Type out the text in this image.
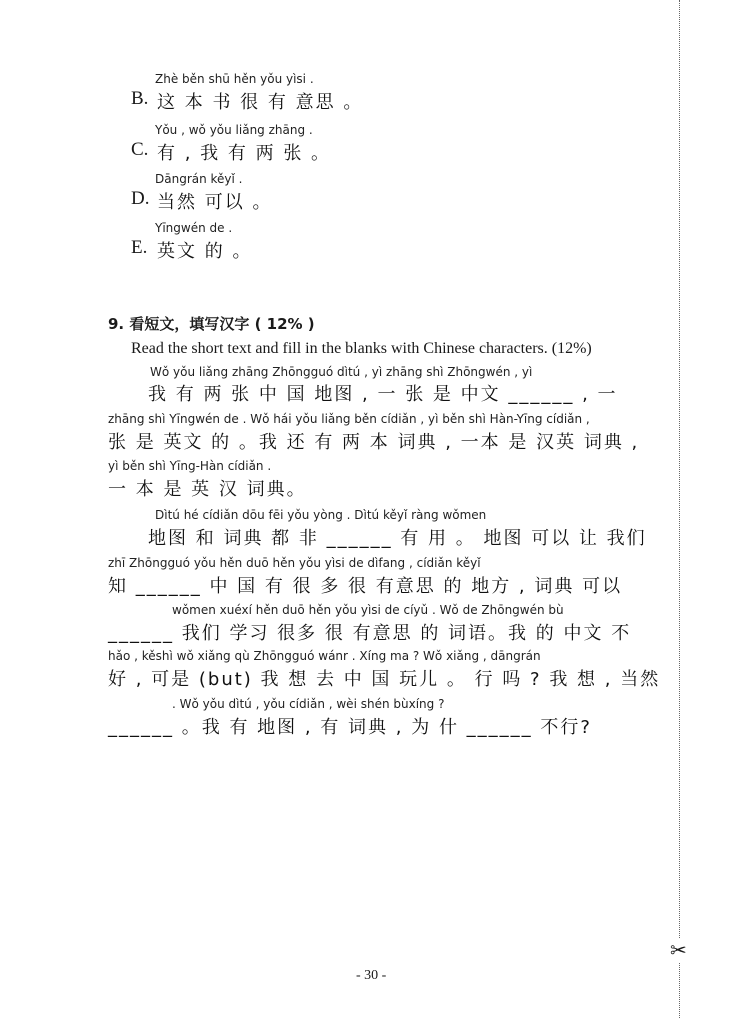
Zhè běn shū hěn yǒu yìsi .
B. 这 本 书 很 有 意思 。
Yǒu , wǒ yǒu liǎng zhāng .
C. 有 , 我 有 两 张 。
Dāngrán kěyǐ .
D. 当然 可以 。
Yīngwén de .
E. 英文 的 。
9. 看短文，填写汉字 ( 12% )
Read the short text and fill in the blanks with Chinese characters. (12%)
Wǒ yǒu liǎng zhāng Zhōngguó dìtú , yì zhāng shì Zhōngwén , yì
我 有 两 张 中 国 地图 , 一 张 是 中文 ______ , 一
zhāng shì Yīngwén de . Wǒ hái yǒu liǎng běn cídiǎn , yì běn shì Hàn-Yīng cídiǎn ,
张 是 英文 的 。我 还 有 两 本 词典 , 一本 是 汉英 词典 ,
yì běn shì Yīng-Hàn cídiǎn .
一 本 是 英 汉 词典。
Dìtú hé cídiǎn dōu fēi yǒu yòng . Dìtú kěyǐ ràng wǒmen
地图 和 词典 都 非 ______ 有 用 。 地图 可以 让 我们
zhī Zhōngguó yǒu hěn duō hěn yǒu yìsi de dìfang , cídiǎn kěyǐ
知 ______ 中 国 有 很 多 很 有意思 的 地方 , 词典 可以
wǒmen xuéxí hěn duō hěn yǒu yìsi de cíyǔ . Wǒ de Zhōngwén bù
______ 我们 学习 很多 很 有意思 的 词语。我 的 中文 不
hǎo , kěshì wǒ xiǎng qù Zhōngguó wánr . Xíng ma ? Wǒ xiǎng , dāngrán
好 , 可是 (but) 我 想 去 中 国 玩儿 。 行 吗 ? 我 想 , 当然
. Wǒ yǒu dìtú , yǒu cídiǎn , wèi shén bùxíng ?
______ 。我 有 地图 , 有 词典 , 为 什 ______ 不行?
- 30 -
✂
